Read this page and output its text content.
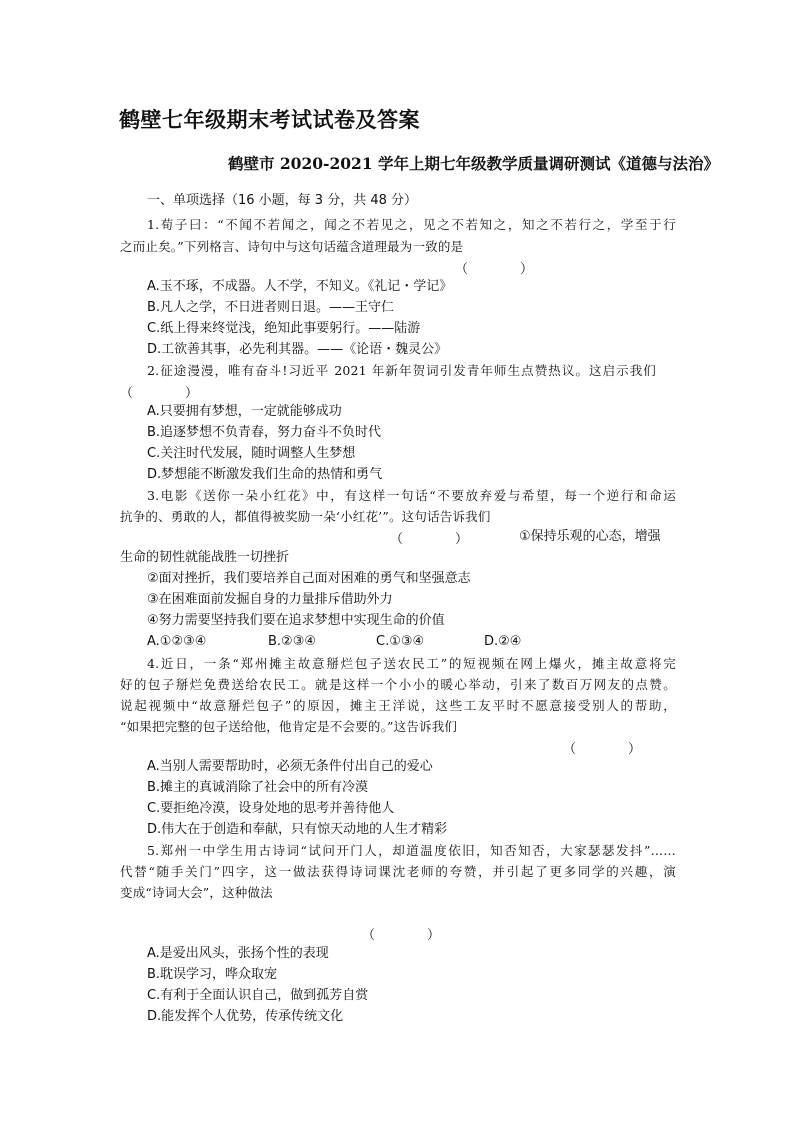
鹤壁七年级期末考试试卷及答案
鹤壁市 2020-2021 学年上期七年级教学质量调研测试《道德与法治》
一、单项选择（16 小题，每 3 分，共 48 分）
1.荀子曰：“不闻不若闻之，闻之不若见之，见之不若知之，知之不若行之，学至于行
之而止矣。”下列格言、诗句中与这句话蕴含道理最为一致的是
（　　　　）
A.玉不琢，不成器。人不学，不知义。《礼记・学记》
B.凡人之学，不日进者则日退。——王守仁
C.纸上得来终觉浅，绝知此事要躬行。——陆游
D.工欲善其事，必先利其器。——《论语・魏灵公》
2.征途漫漫，唯有奋斗!习近平 2021 年新年贺词引发青年师生点赞热议。这启示我们
（　　　　）
A.只要拥有梦想，一定就能够成功
B.追逐梦想不负青春，努力奋斗不负时代
C.关注时代发展，随时调整人生梦想
D.梦想能不断激发我们生命的热情和勇气
3.电影《送你一朵小红花》中，有这样一句话“不要放弃爱与希望，每一个逆行和命运
抗争的、勇敢的人，都值得被奖励一朵‘小红花’”。这句话告诉我们
（　　　　）	①保持乐观的心态，增强
生命的韧性就能战胜一切挫折
②面对挫折，我们要培养自己面对困难的勇气和坚强意志
③在困难面前发掘自身的力量排斥借助外力
④努力需要坚持我们要在追求梦想中实现生命的价值
A.①②③④	B.②③④	C.①③④	D.②④
4.近日，一条“郑州摊主故意掰烂包子送农民工”的短视频在网上爆火，摊主故意将完
好的包子掰烂免费送给农民工。就是这样一个小小的暖心举动，引来了数百万网友的点赞。
说起视频中“故意掰烂包子”的原因，摊主王洋说，这些工友平时不愿意接受别人的帮助，
“如果把完整的包子送给他，他肯定是不会要的。”这告诉我们
（　　　　）
A.当别人需要帮助时，必须无条件付出自己的爱心
B.摊主的真诚消除了社会中的所有冷漠
C.要拒绝冷漠，设身处地的思考并善待他人
D.伟大在于创造和奉献，只有惊天动地的人生才精彩
5.郑州一中学生用古诗词“试问开门人，却道温度依旧，知否知否，大家瑟瑟发抖”……
代替“随手关门”四字，这一做法获得诗词课沈老师的夸赞，并引起了更多同学的兴趣，演
变成“诗词大会”，这种做法
（　　　　）
A.是爱出风头，张扬个性的表现
B.耽误学习，哗众取宠
C.有利于全面认识自己，做到孤芳自赏
D.能发挥个人优势，传承传统文化
